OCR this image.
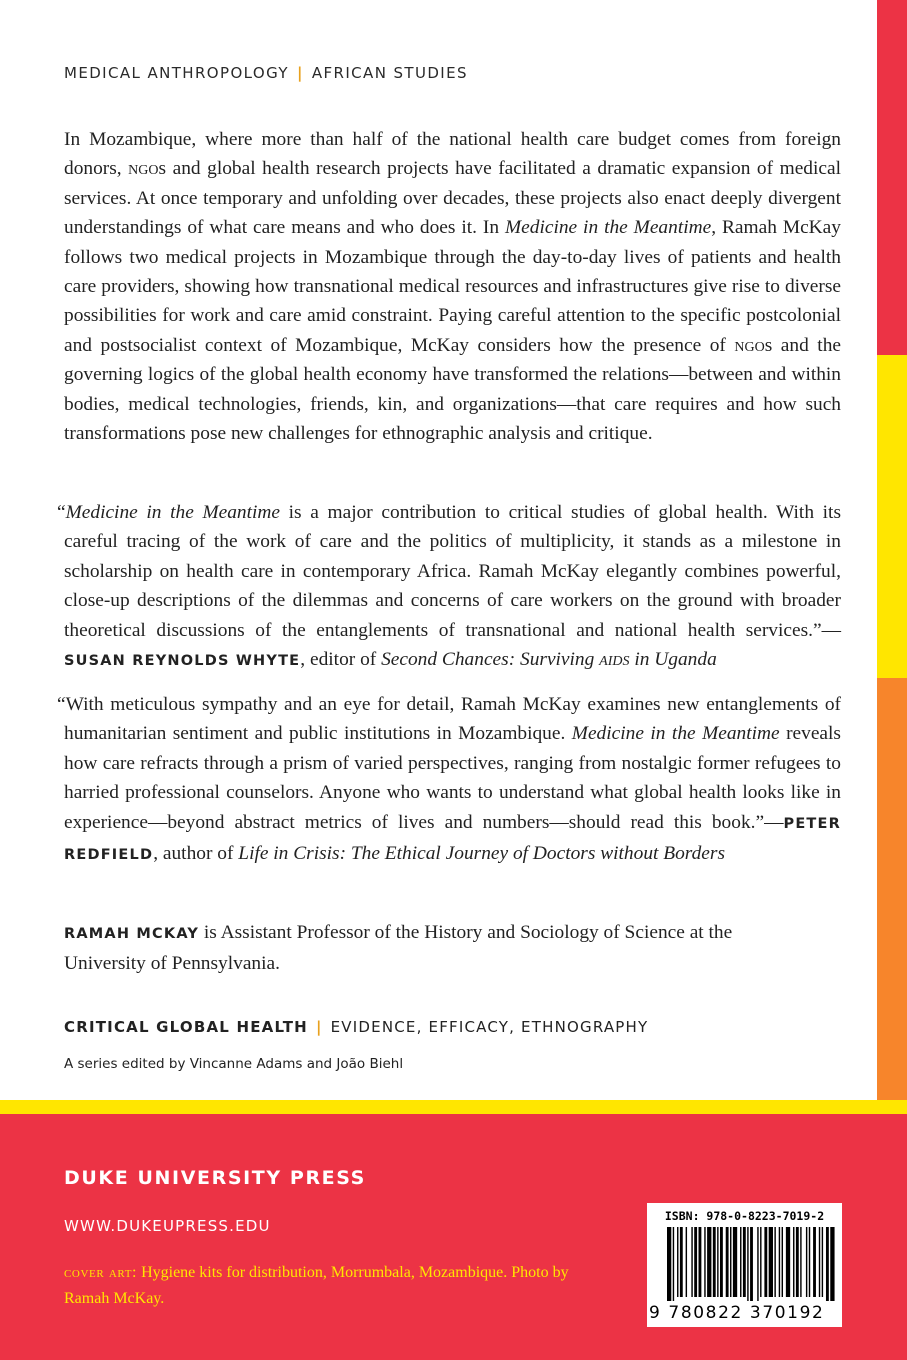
MEDICAL ANTHROPOLOGY | AFRICAN STUDIES
In Mozambique, where more than half of the national health care budget comes from foreign donors, ngos and global health research projects have facilitated a dramatic expansion of medical services. At once temporary and unfolding over decades, these projects also enact deeply divergent understandings of what care means and who does it. In Medicine in the Meantime, Ramah McKay follows two medical projects in Mozambique through the day-to-day lives of patients and health care providers, showing how transnational medical resources and infrastructures give rise to diverse possibilities for work and care amid constraint. Paying careful attention to the specific postcolonial and postsocialist context of Mozambique, McKay considers how the presence of ngos and the governing logics of the global health economy have transformed the relations—between and within bodies, medical technologies, friends, kin, and organizations—that care requires and how such transformations pose new challenges for ethnographic analysis and critique.
“Medicine in the Meantime is a major contribution to critical studies of global health. With its careful tracing of the work of care and the politics of multiplicity, it stands as a milestone in scholarship on health care in contemporary Africa. Ramah McKay elegantly combines powerful, close-up descriptions of the dilemmas and concerns of care workers on the ground with broader theoretical discussions of the entanglements of transnational and national health services.”— SUSAN REYNOLDS WHYTE, editor of Second Chances: Surviving aids in Uganda
“With meticulous sympathy and an eye for detail, Ramah McKay examines new entanglements of humanitarian sentiment and public institutions in Mozambique. Medicine in the Meantime reveals how care refracts through a prism of varied perspectives, ranging from nostalgic former refugees to harried professional counselors. Anyone who wants to understand what global health looks like in experience—beyond abstract metrics of lives and numbers—should read this book.”—PETER REDFIELD, author of Life in Crisis: The Ethical Journey of Doctors without Borders
RAMAH MCKAY is Assistant Professor of the History and Sociology of Science at the University of Pennsylvania.
CRITICAL GLOBAL HEALTH | EVIDENCE, EFFICACY, ETHNOGRAPHY
A series edited by Vincanne Adams and João Biehl
DUKE UNIVERSITY PRESS
WWW.DUKEUPRESS.EDU
cover art: Hygiene kits for distribution, Morrumbala, Mozambique. Photo by Ramah McKay.
ISBN: 978-0-8223-7019-2
9 780822 370192
